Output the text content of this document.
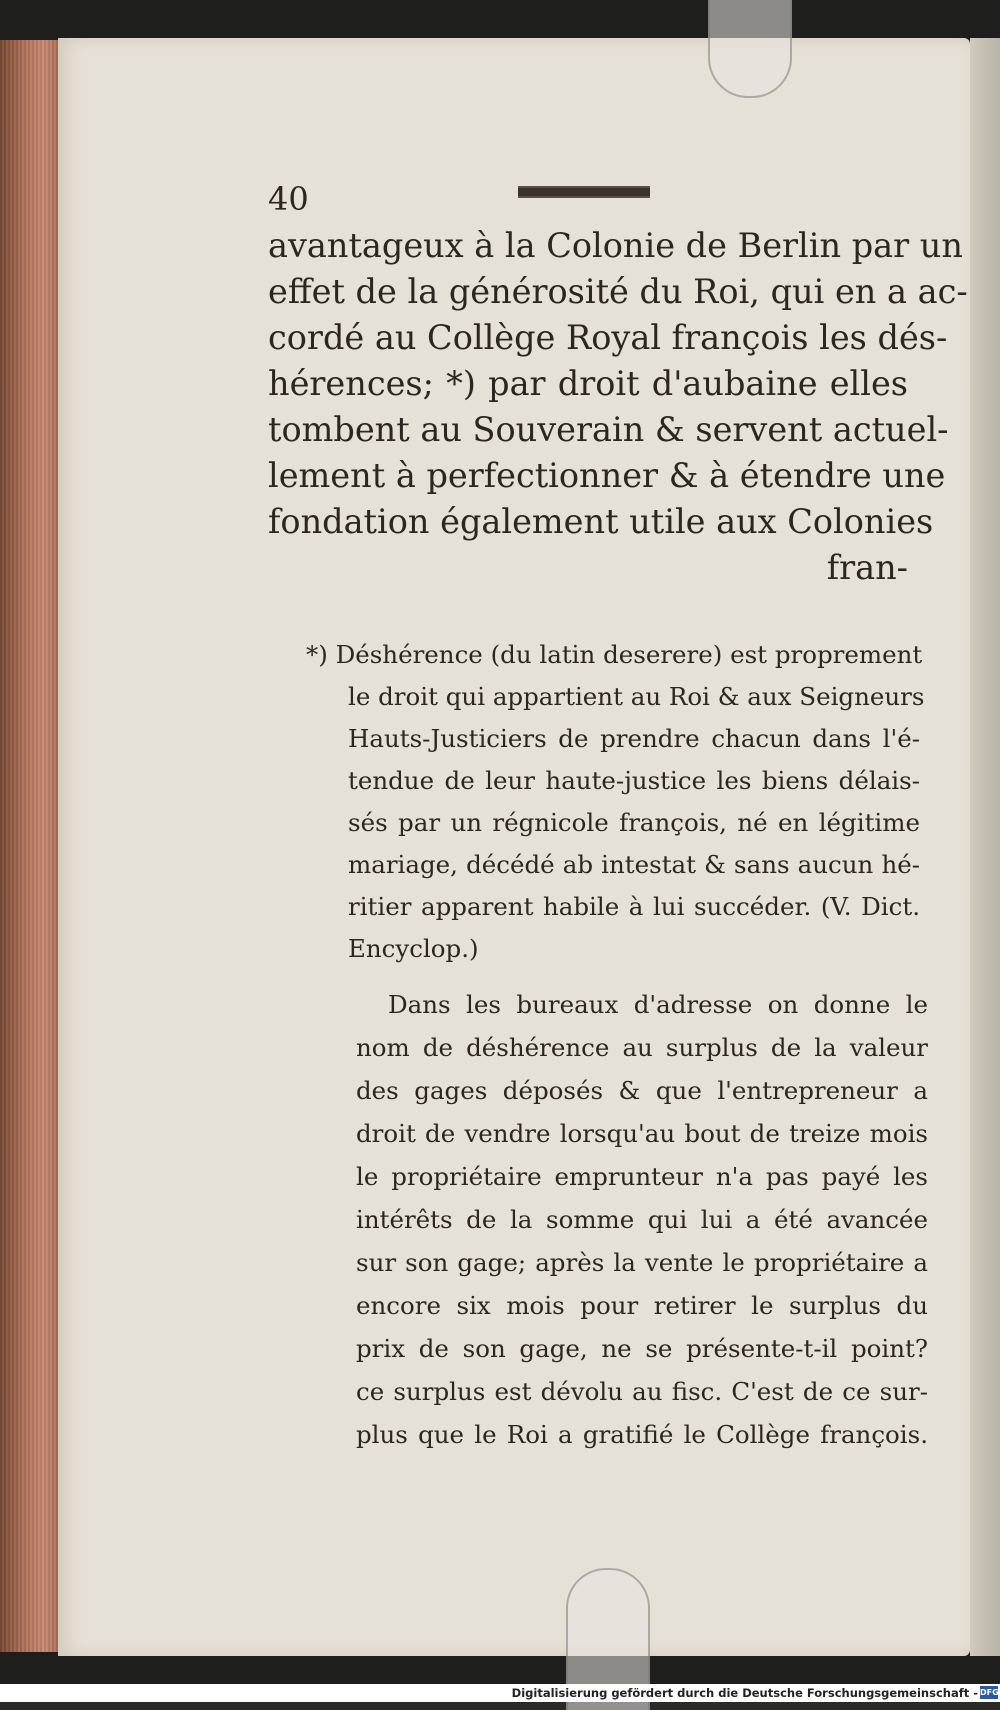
40
avantageux à la Colonie de Berlin par un
effet de la générosité du Roi, qui en a ac-
cordé au Collège Royal françois les dés-
hérences; *) par droit d'aubaine elles
tombent au Souverain & servent actuel-
lement à perfectionner & à étendre une
fondation également utile aux Colonies
fran-
*) Déshérence (du latin deserere) est proprement
le droit qui appartient au Roi & aux Seigneurs
Hauts-Justiciers de prendre chacun dans l'é-
tendue de leur haute-justice les biens délais-
sés par un régnicole françois, né en légitime
mariage, décédé ab intestat & sans aucun hé-
ritier apparent habile à lui succéder. (V. Dict.
Encyclop.)
Dans les bureaux d'adresse on donne le
nom de déshérence au surplus de la valeur
des gages déposés & que l'entrepreneur a
droit de vendre lorsqu'au bout de treize mois
le propriétaire emprunteur n'a pas payé les
intérêts de la somme qui lui a été avancée
sur son gage; après la vente le propriétaire a
encore six mois pour retirer le surplus du
prix de son gage, ne se présente-t-il point?
ce surplus est dévolu au fisc. C'est de ce sur-
plus que le Roi a gratifié le Collège françois.
Digitalisierung gefördert durch die Deutsche Forschungsgemeinschaft - DFG
